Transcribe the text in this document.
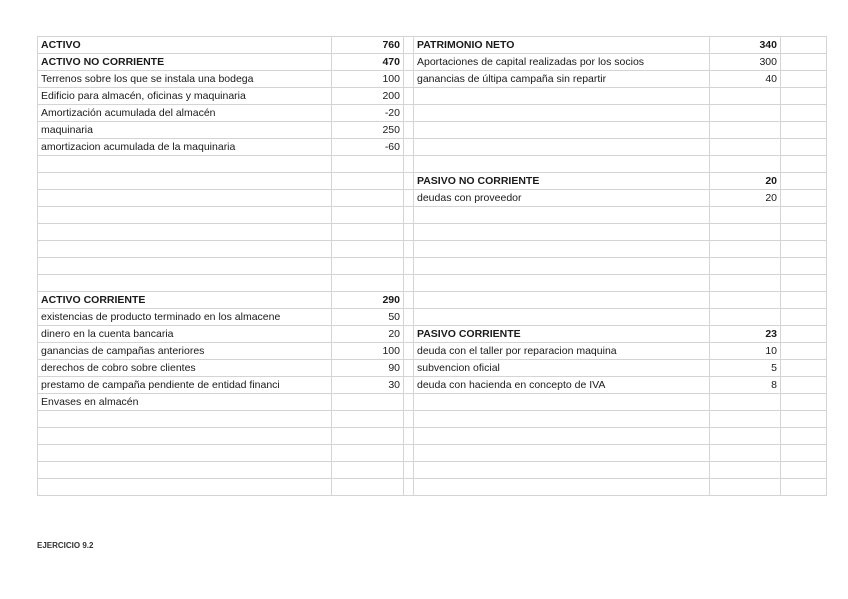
ACTIVO	760		PATRIMONIO NETO	340	
ACTIVO NO CORRIENTE	470		Aportaciones de capital realizadas por los socios	300	
Terrenos sobre los que se instala una bodega	100		ganancias de últipa campaña sin repartir	40	
Edificio para almacén, oficinas y maquinaria	200				
Amortización acumulada del almacén	-20				
maquinaria	250				
amortizacion acumulada de la maquinaria	-60				

			PASIVO NO CORRIENTE	20	
			deudas con proveedor	20	

ACTIVO CORRIENTE	290				
existencias de producto terminado en los almacene	50				
dinero en la cuenta bancaria	20		PASIVO CORRIENTE	23	
ganancias de campañas anteriores	100		deuda con el taller por reparacion maquina	10	
derechos de cobro sobre clientes	90		subvencion oficial	5	
prestamo de campaña pendiente de entidad financi	30		deuda con hacienda en concepto de IVA	8	
Envases en almacén					

EJERCICIO 9.2
